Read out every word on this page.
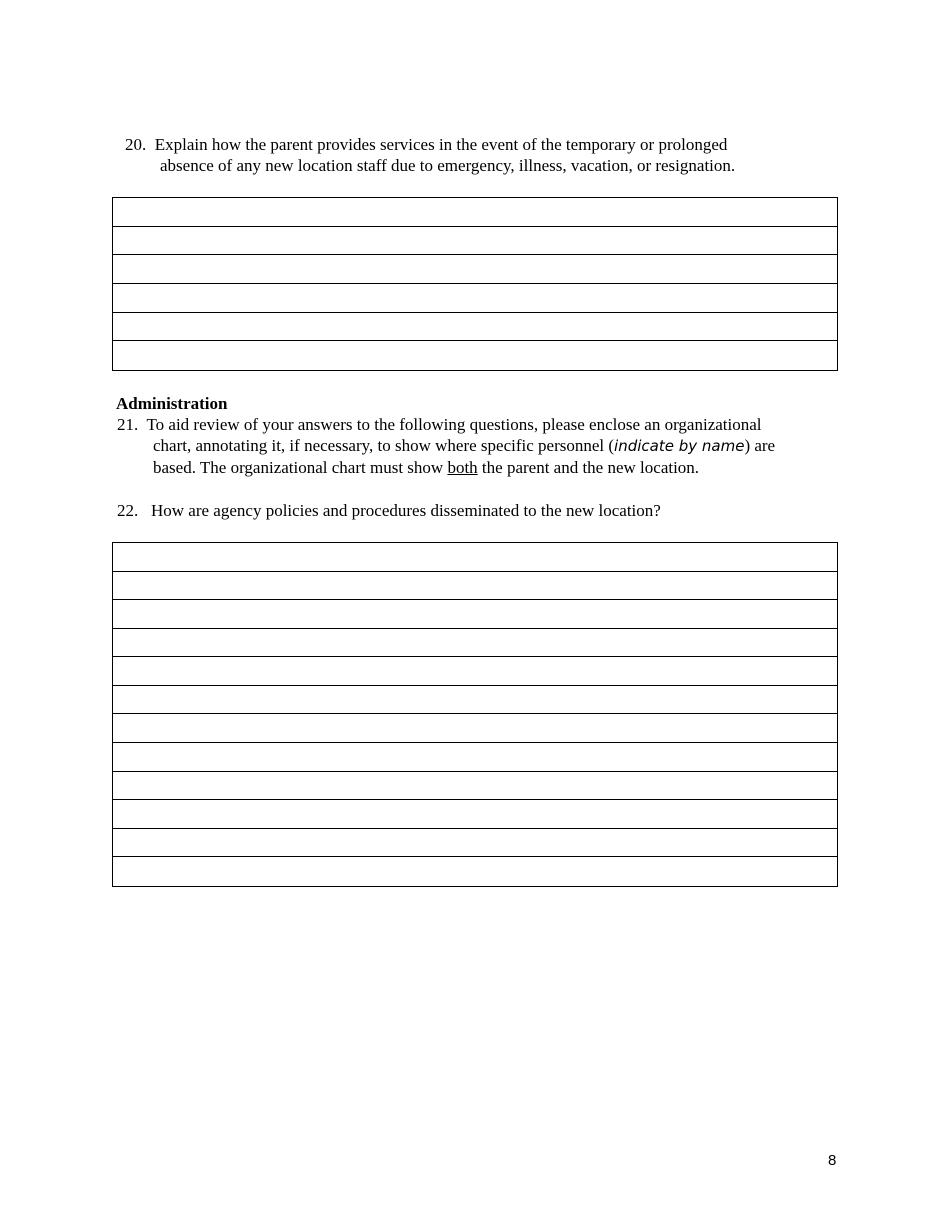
20. Explain how the parent provides services in the event of the temporary or prolonged
absence of any new location staff due to emergency, illness, vacation, or resignation.
Administration
21. To aid review of your answers to the following questions, please enclose an organizational
chart, annotating it, if necessary, to show where specific personnel (indicate by name) are
based. The organizational chart must show both the parent and the new location.
22. How are agency policies and procedures disseminated to the new location?
8
